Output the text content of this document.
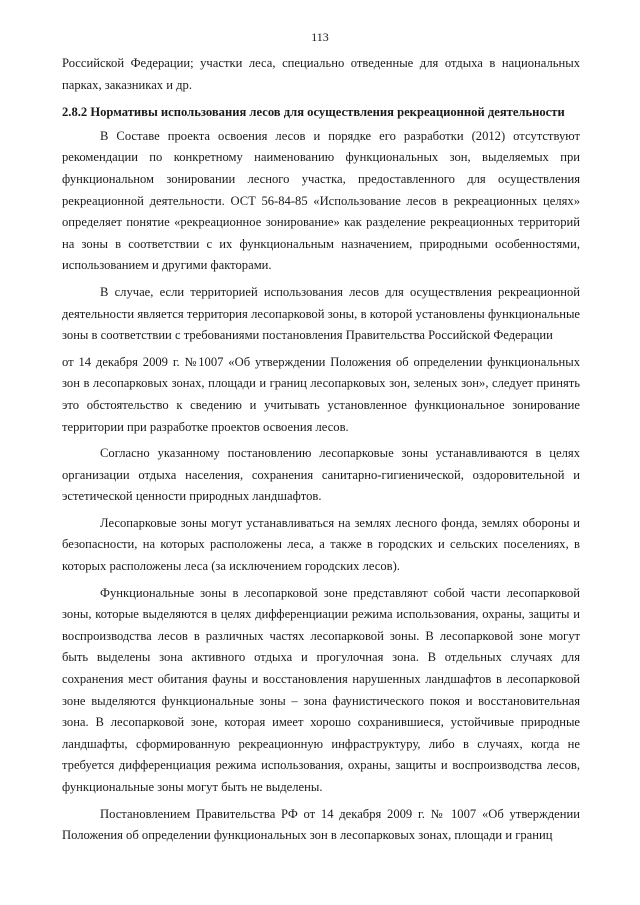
113

Российской Федерации; участки леса, специально отведенные для отдыха в национальных парках, заказниках и др.

2.8.2 Нормативы использования лесов для осуществления рекреационной деятельности

В Составе проекта освоения лесов и порядке его разработки (2012) отсутствуют рекомендации по конкретному наименованию функциональных зон, выделяемых при функциональном зонировании лесного участка, предоставленного для осуществления рекреационной деятельности. ОСТ 56-84-85 «Использование лесов в рекреационных целях» определяет понятие «рекреационное зонирование» как разделение рекреационных территорий на зоны в соответствии с их функциональным назначением, природными особенностями, использованием и другими факторами.

В случае, если территорией использования лесов для осуществления рекреационной деятельности является территория лесопарковой зоны, в которой установлены функциональные зоны в соответствии с требованиями постановления Правительства Российской Федерации

от 14 декабря 2009 г. №1007 «Об утверждении Положения об определении функциональных зон в лесопарковых зонах, площади и границ лесопарковых зон, зеленых зон», следует принять это обстоятельство к сведению и учитывать установленное функциональное зонирование территории при разработке проектов освоения лесов.

Согласно указанному постановлению лесопарковые зоны устанавливаются в целях организации отдыха населения, сохранения санитарно-гигиенической, оздоровительной и эстетической ценности природных ландшафтов.

Лесопарковые зоны могут устанавливаться на землях лесного фонда, землях обороны и безопасности, на которых расположены леса, а также в городских и сельских поселениях, в которых расположены леса (за исключением городских лесов).

Функциональные зоны в лесопарковой зоне представляют собой части лесопарковой зоны, которые выделяются в целях дифференциации режима использования, охраны, защиты и воспроизводства лесов в различных частях лесопарковой зоны. В лесопарковой зоне могут быть выделены зона активного отдыха и прогулочная зона. В отдельных случаях для сохранения мест обитания фауны и восстановления нарушенных ландшафтов в лесопарковой зоне выделяются функциональные зоны – зона фаунистического покоя и восстановительная зона. В лесопарковой зоне, которая имеет хорошо сохранившиеся, устойчивые природные ландшафты, сформированную рекреационную инфраструктуру, либо в случаях, когда не требуется дифференциация режима использования, охраны, защиты и воспроизводства лесов, функциональные зоны могут быть не выделены.

Постановлением Правительства РФ от 14 декабря 2009 г. № 1007 «Об утверждении Положения об определении функциональных зон в лесопарковых зонах, площади и границ
